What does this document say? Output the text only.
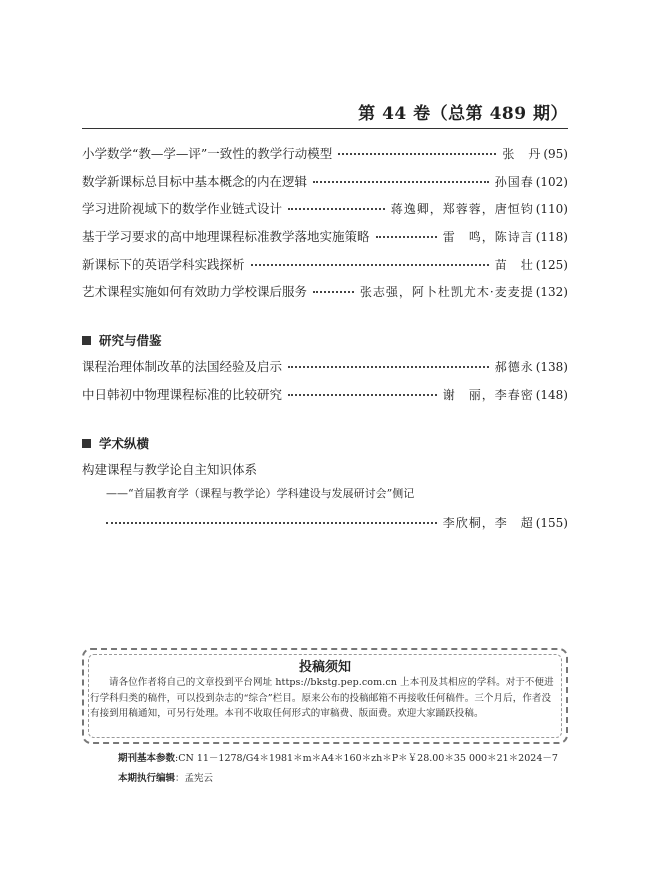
第 44 卷（总第 489 期）
小学数学“教—学—评”一致性的教学行动模型	张　丹 (95)
数学新课标总目标中基本概念的内在逻辑	孙国春 (102)
学习进阶视域下的数学作业链式设计	蒋逸卿，郑蓉蓉，唐恒钧 (110)
基于学习要求的高中地理课程标准教学落地实施策略	雷　鸣，陈诗言 (118)
新课标下的英语学科实践探析	苗　壮 (125)
艺术课程实施如何有效助力学校课后服务	张志强，阿卜杜凯尤木·麦麦提 (132)
研究与借鉴
课程治理体制改革的法国经验及启示	郝德永 (138)
中日韩初中物理课程标准的比较研究	谢　丽，李春密 (148)
学术纵横
构建课程与教学论自主知识体系
——“首届教育学（课程与教学论）学科建设与发展研讨会”侧记
李欣桐，李　超 (155)
投稿须知
请各位作者将自己的文章投到平台网址 https://bkstg.pep.com.cn 上本刊及其相应的学科。对于不便进行学科归类的稿件，可以投到杂志的“综合”栏目。原来公布的投稿邮箱不再接收任何稿件。三个月后，作者没有接到用稿通知，可另行处理。本刊不收取任何形式的审稿费、版面费。欢迎大家踊跃投稿。
期刊基本参数:CN 11－1278/G4＊1981＊m＊A4＊160＊zh＊P＊￥28.00＊35 000＊21＊2024－7
本期执行编辑：孟宪云
